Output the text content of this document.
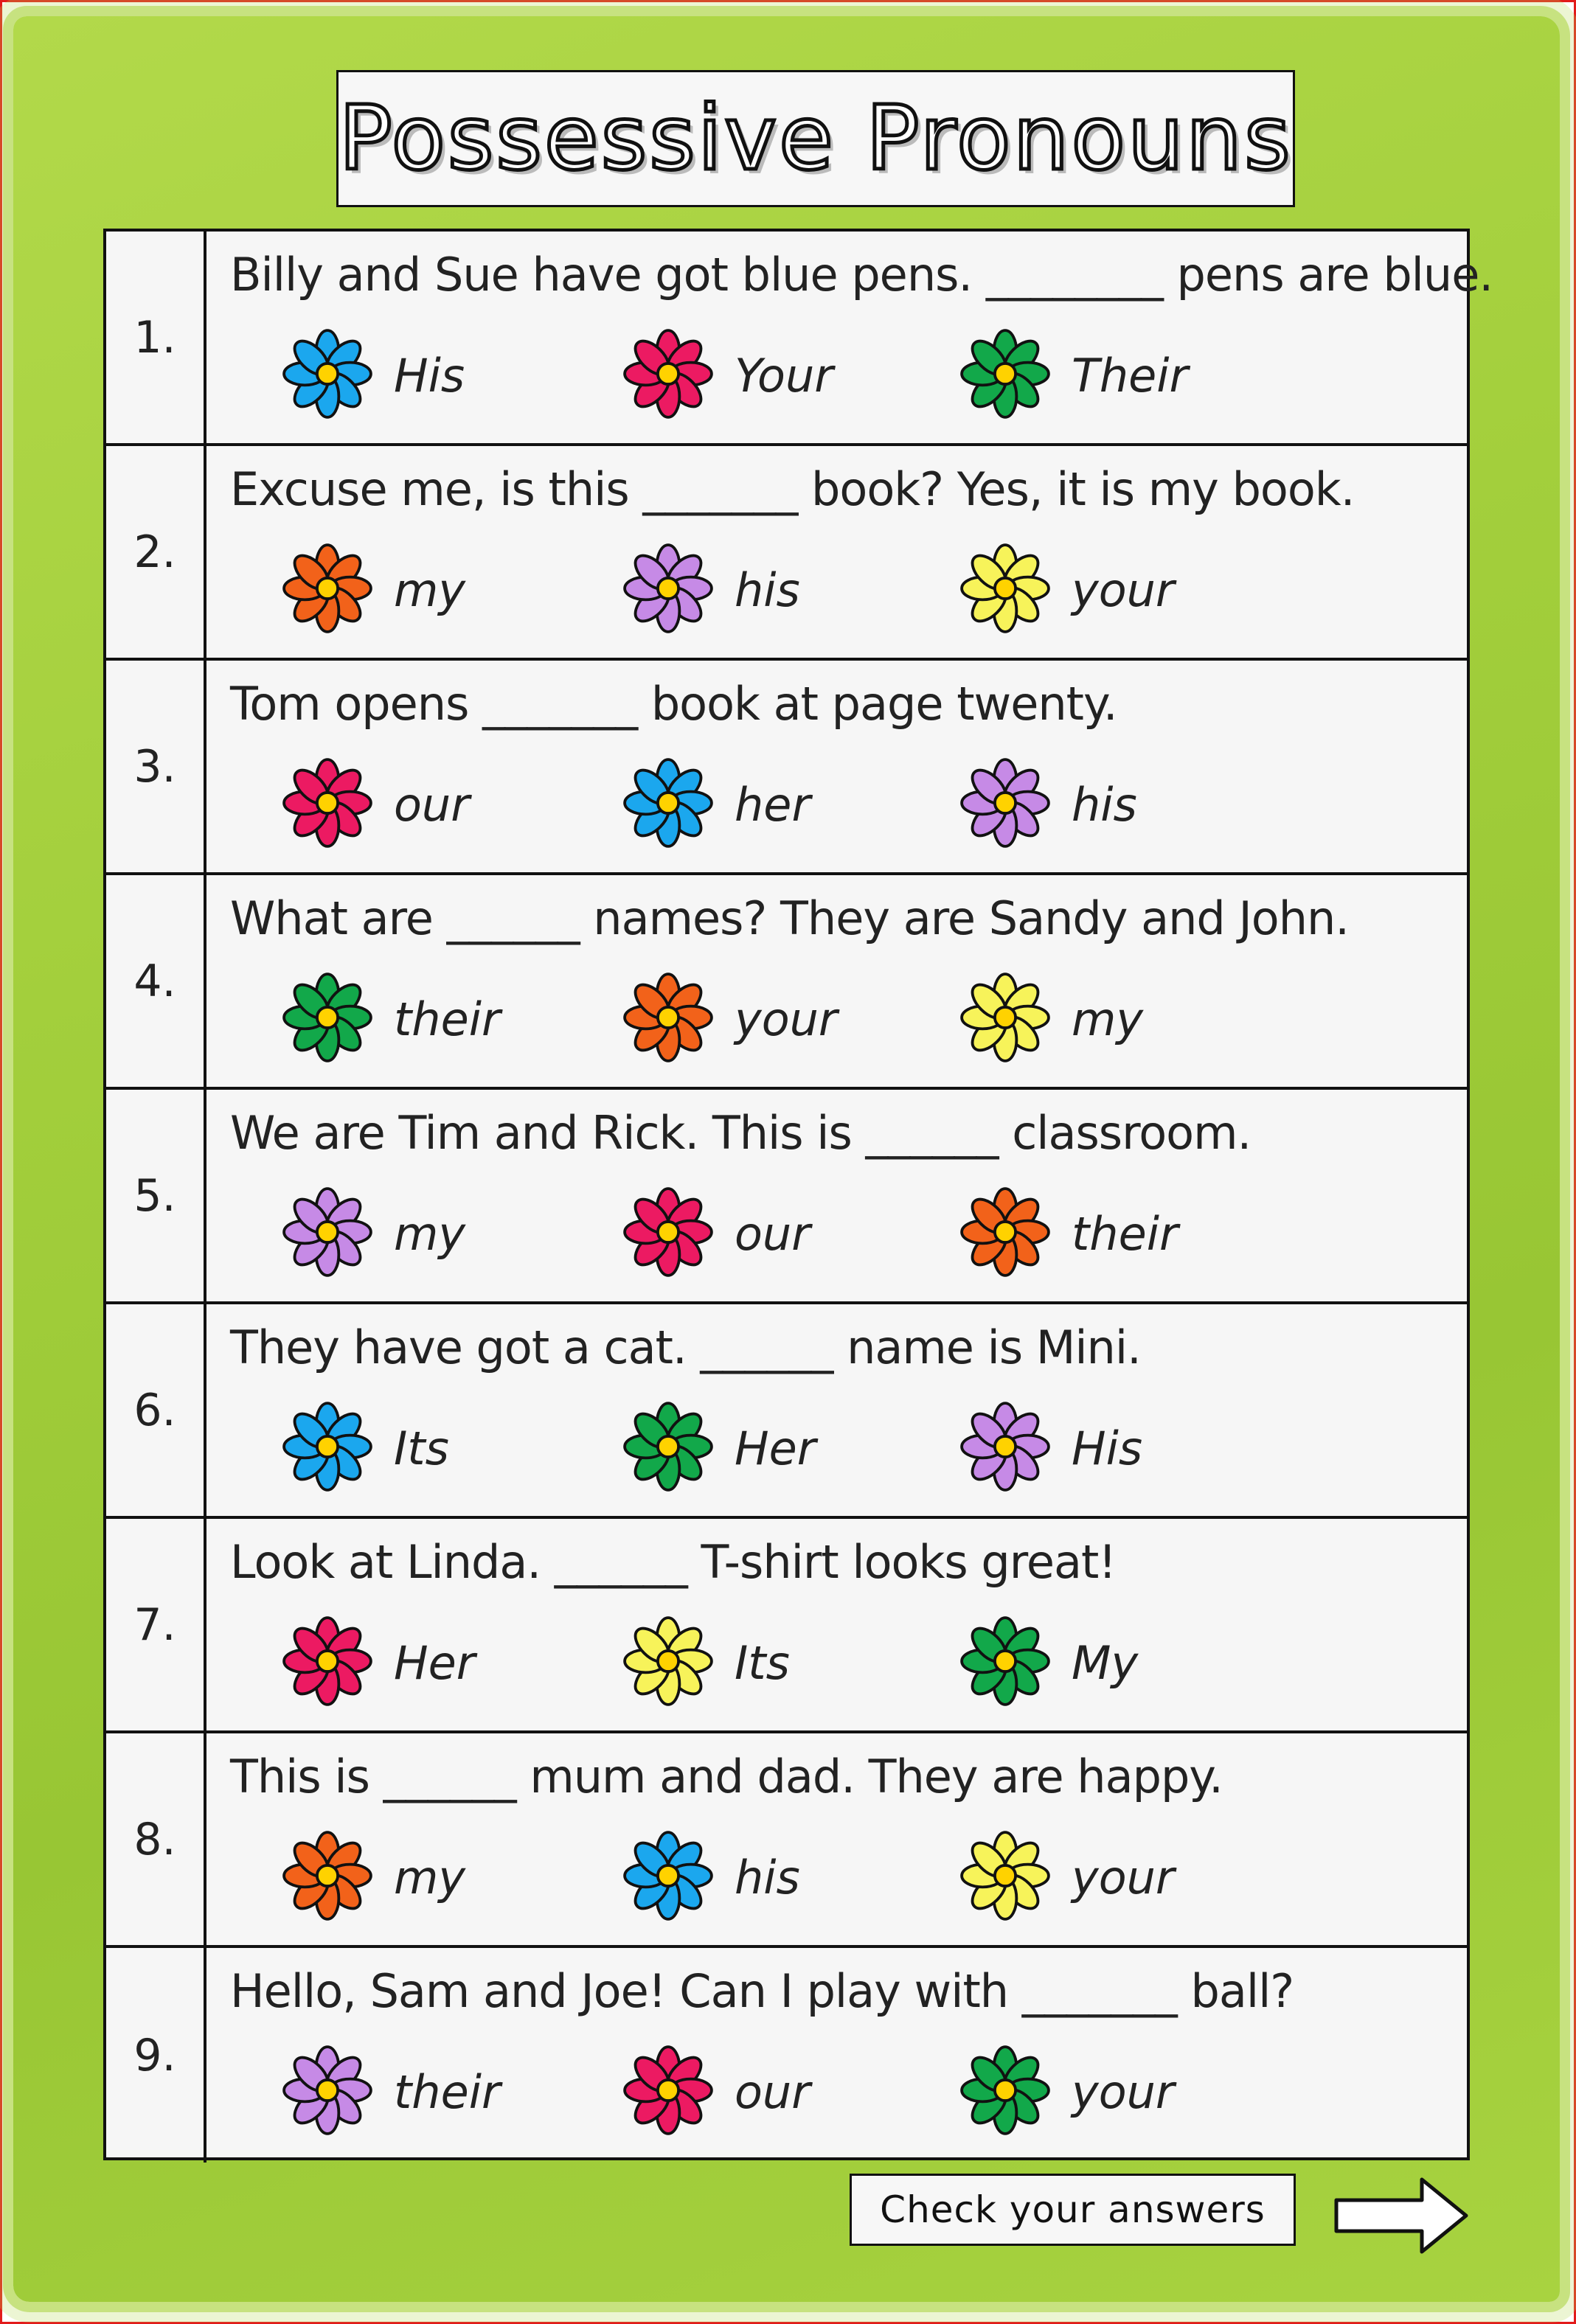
Possessive Pronouns
1.
Billy and Sue have got blue pens. ________ pens are blue.
His	Your	Their
2.
Excuse me, is this _______ book? Yes, it is my book.
my	his	your
3.
Tom opens _______ book at page twenty.
our	her	his
4.
What are ______ names? They are Sandy and John.
their	your	my
5.
We are Tim and Rick. This is ______ classroom.
my	our	their
6.
They have got a cat. ______ name is Mini.
Its	Her	His
7.
Look at Linda. ______ T-shirt looks great!
Her	Its	My
8.
This is ______ mum and dad. They are happy.
my	his	your
9.
Hello, Sam and Joe! Can I play with _______ ball?
their	our	your
Check your answers
